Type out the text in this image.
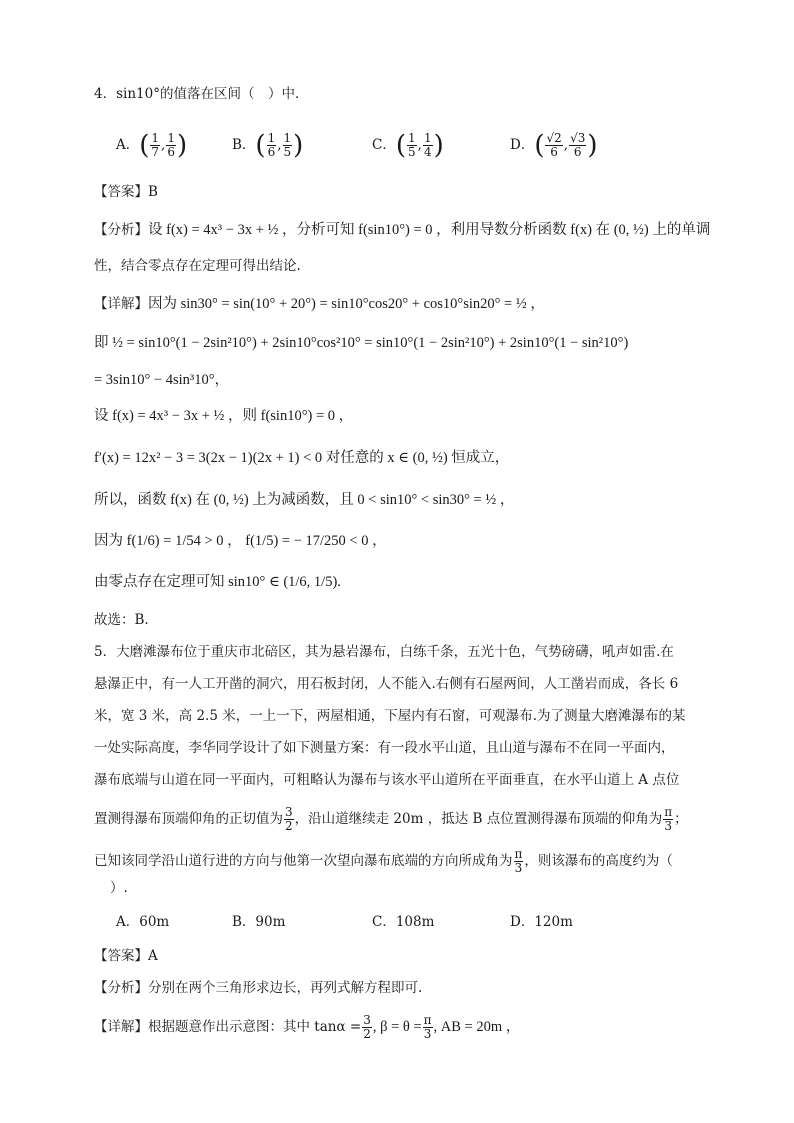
4．sin10°的值落在区间（　）中．
A．( $\frac{1}{7}$ , $\frac{1}{6}$ )	B．( $\frac{1}{6}$ , $\frac{1}{5}$ )	C．( $\frac{1}{5}$ , $\frac{1}{4}$ )	D．( $\frac{√2}{6}$ , $\frac{√3}{6}$ )
【答案】B
【分析】设 f(x) = 4x³ − 3x + ½ ，分析可知 f(sin10°) = 0 ，利用导数分析函数 f(x) 在 (0, ½) 上的单调
性，结合零点存在定理可得出结论.
【详解】因为 sin30° = sin(10° + 20°) = sin10°cos20° + cos10°sin20° = ½ ，
即 ½ = sin10°(1 − 2sin²10°) + 2sin10°cos²10° = sin10°(1 − 2sin²10°) + 2sin10°(1 − sin²10°)
= 3sin10° − 4sin³10°，
设 f(x) = 4x³ − 3x + ½ ，则 f(sin10°) = 0 ，
f′(x) = 12x² − 3 = 3(2x − 1)(2x + 1) < 0 对任意的 x ∈ (0, ½) 恒成立，
所以，函数 f(x) 在 (0, ½) 上为减函数，且 0 < sin10° < sin30° = ½ ，
因为 f(1/6) = 1/54 > 0 ， f(1/5) = − 17/250 < 0 ，
由零点存在定理可知 sin10° ∈ (1/6, 1/5).
故选：B.
5．大磨滩瀑布位于重庆市北碚区，其为悬岩瀑布，白练千条，五光十色，气势磅礴，吼声如雷.在
悬瀑正中，有一人工开凿的洞穴，用石板封闭，人不能入.右侧有石屋两间，人工凿岩而成，各长 6
米，宽 3 米，高 2.5 米，一上一下，两屋相通，下屋内有石窗，可观瀑布.为了测量大磨滩瀑布的某
一处实际高度，李华同学设计了如下测量方案：有一段水平山道，且山道与瀑布不在同一平面内，
瀑布底端与山道在同一平面内，可粗略认为瀑布与该水平山道所在平面垂直，在水平山道上 A 点位
置测得瀑布顶端仰角的正切值为 $\frac{3}{2}$ ，沿山道继续走 20m ，抵达 B 点位置测得瀑布顶端的仰角为 $\frac{\pi}{3}$ ；
已知该同学沿山道行进的方向与他第一次望向瀑布底端的方向所成角为 $\frac{\pi}{3}$ ，则该瀑布的高度约为（
）.
A．60m	B．90m	C．108m	D．120m
【答案】A
【分析】分别在两个三角形求边长，再列式解方程即可.
【详解】根据题意作出示意图：其中 $\tan\alpha = \frac{3}{2}$ , $\beta = \theta = \frac{\pi}{3}$ , AB = 20m ，
